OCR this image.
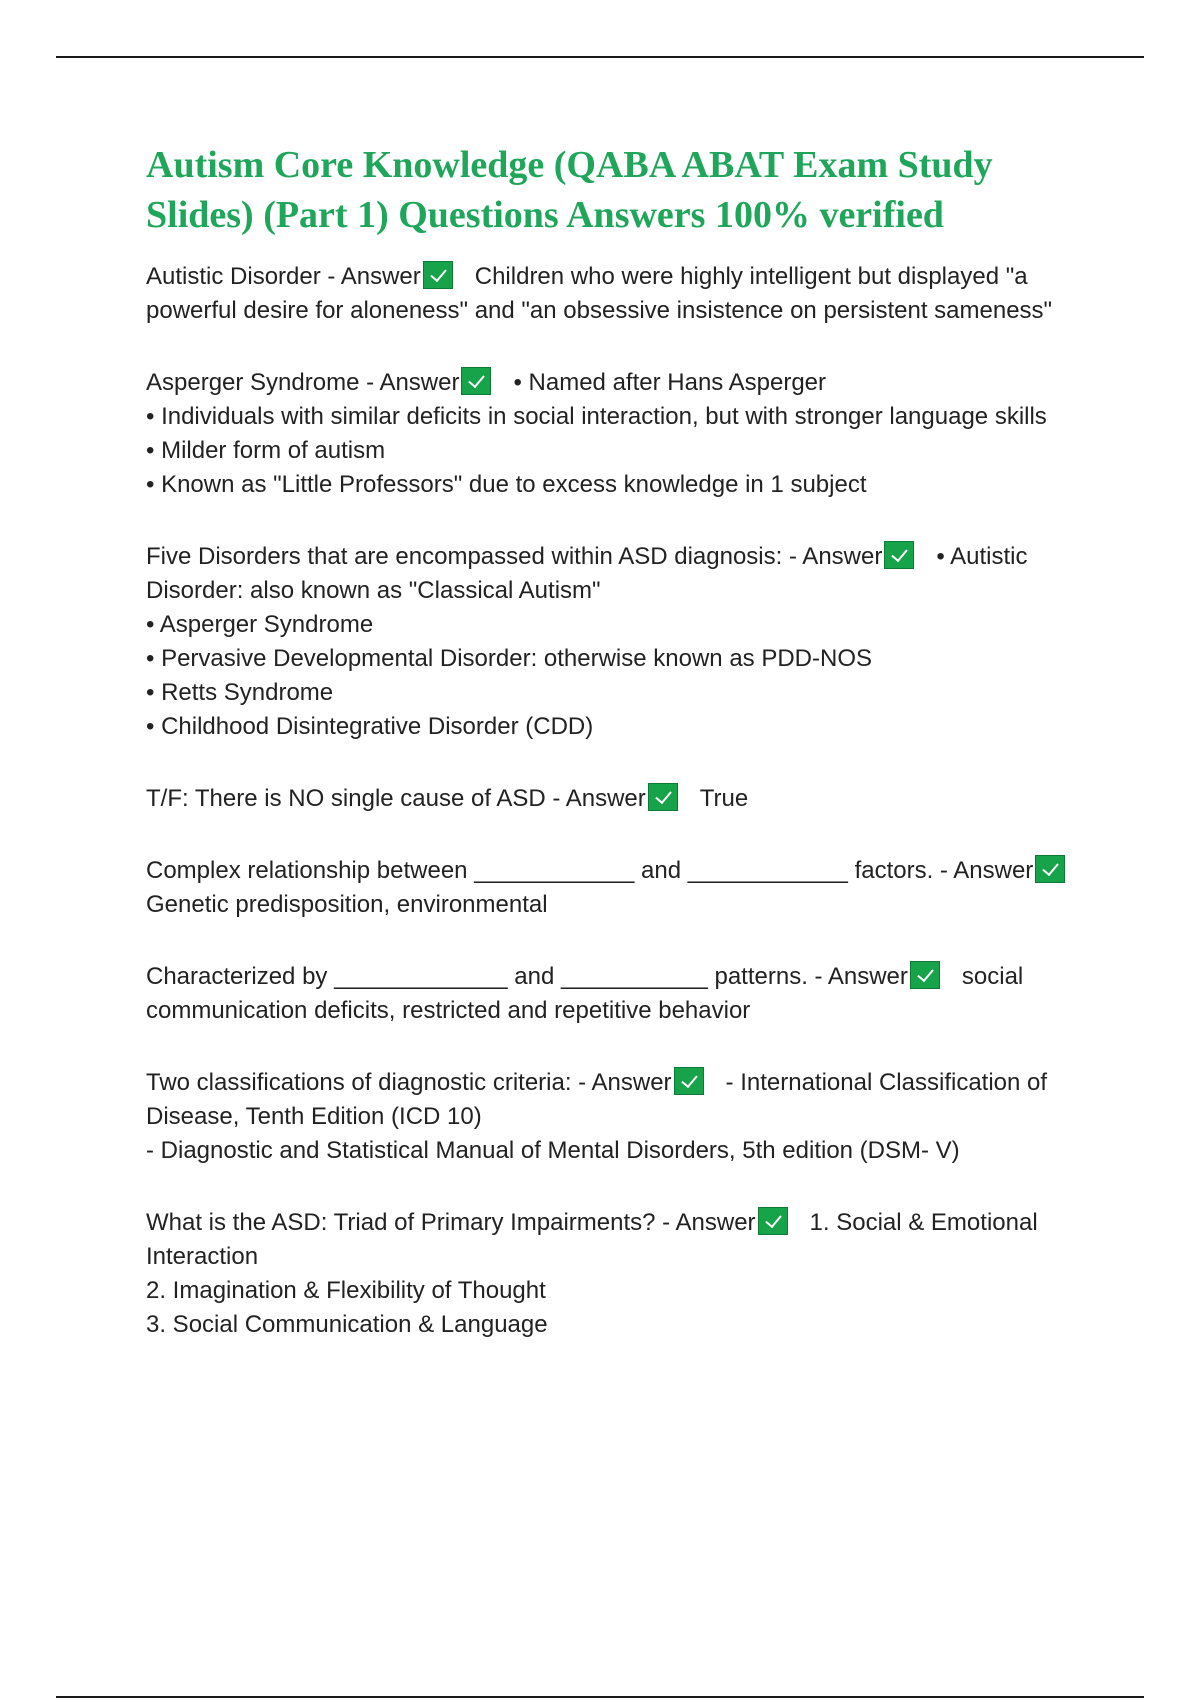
Autism Core Knowledge (QABA ABAT Exam Study Slides) (Part 1) Questions Answers 100% verified

Autistic Disorder - Answer Children who were highly intelligent but displayed "a powerful desire for aloneness" and "an obsessive insistence on persistent sameness"

Asperger Syndrome - Answer • Named after Hans Asperger
• Individuals with similar deficits in social interaction, but with stronger language skills
• Milder form of autism
• Known as "Little Professors" due to excess knowledge in 1 subject

Five Disorders that are encompassed within ASD diagnosis: - Answer • Autistic Disorder: also known as "Classical Autism"
• Asperger Syndrome
• Pervasive Developmental Disorder: otherwise known as PDD-NOS
• Retts Syndrome
• Childhood Disintegrative Disorder (CDD)

T/F: There is NO single cause of ASD - Answer True

Complex relationship between ____________ and ____________ factors. - AnswerGenetic predisposition, environmental

Characterized by _____________ and ___________ patterns. - Answer social communication deficits, restricted and repetitive behavior

Two classifications of diagnostic criteria: - Answer - International Classification of Disease, Tenth Edition (ICD 10)
- Diagnostic and Statistical Manual of Mental Disorders, 5th edition (DSM- V)

What is the ASD: Triad of Primary Impairments? - Answer 1. Social & Emotional Interaction
2. Imagination & Flexibility of Thought
3. Social Communication & Language
